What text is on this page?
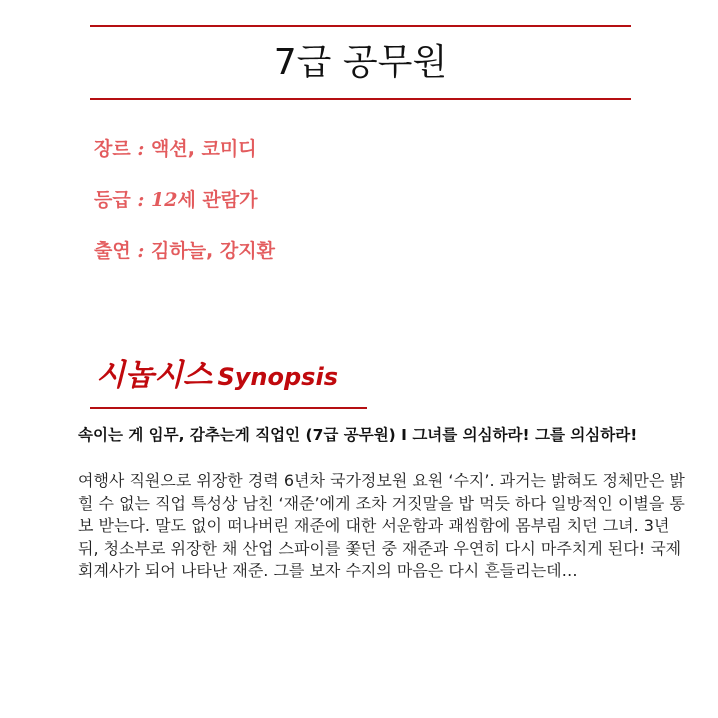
7급 공무원
장르 : 액션, 코미디
등급 : 12세 관람가
출연 : 김하늘, 강지환
시놉시스 Synopsis
속이는 게 임무, 감추는게 직업인 (7급 공무원) I 그녀를 의심하라! 그를 의심하라!
여행사 직원으로 위장한 경력 6년차 국가정보원 요원 ‘수지’. 과거는 밝혀도 정체만은 밝힐 수 없는 직업 특성상 남친 ‘재준’에게 조차 거짓말을 밥 먹듯 하다 일방적인 이별을 통보 받는다. 말도 없이 떠나버린 재준에 대한 서운함과 괘씸함에 몸부림 치던 그녀. 3년 뒤, 청소부로 위장한 채 산업 스파이를 쫓던 중 재준과 우연히 다시 마주치게 된다! 국제 회계사가 되어 나타난 재준. 그를 보자 수지의 마음은 다시 흔들리는데…
